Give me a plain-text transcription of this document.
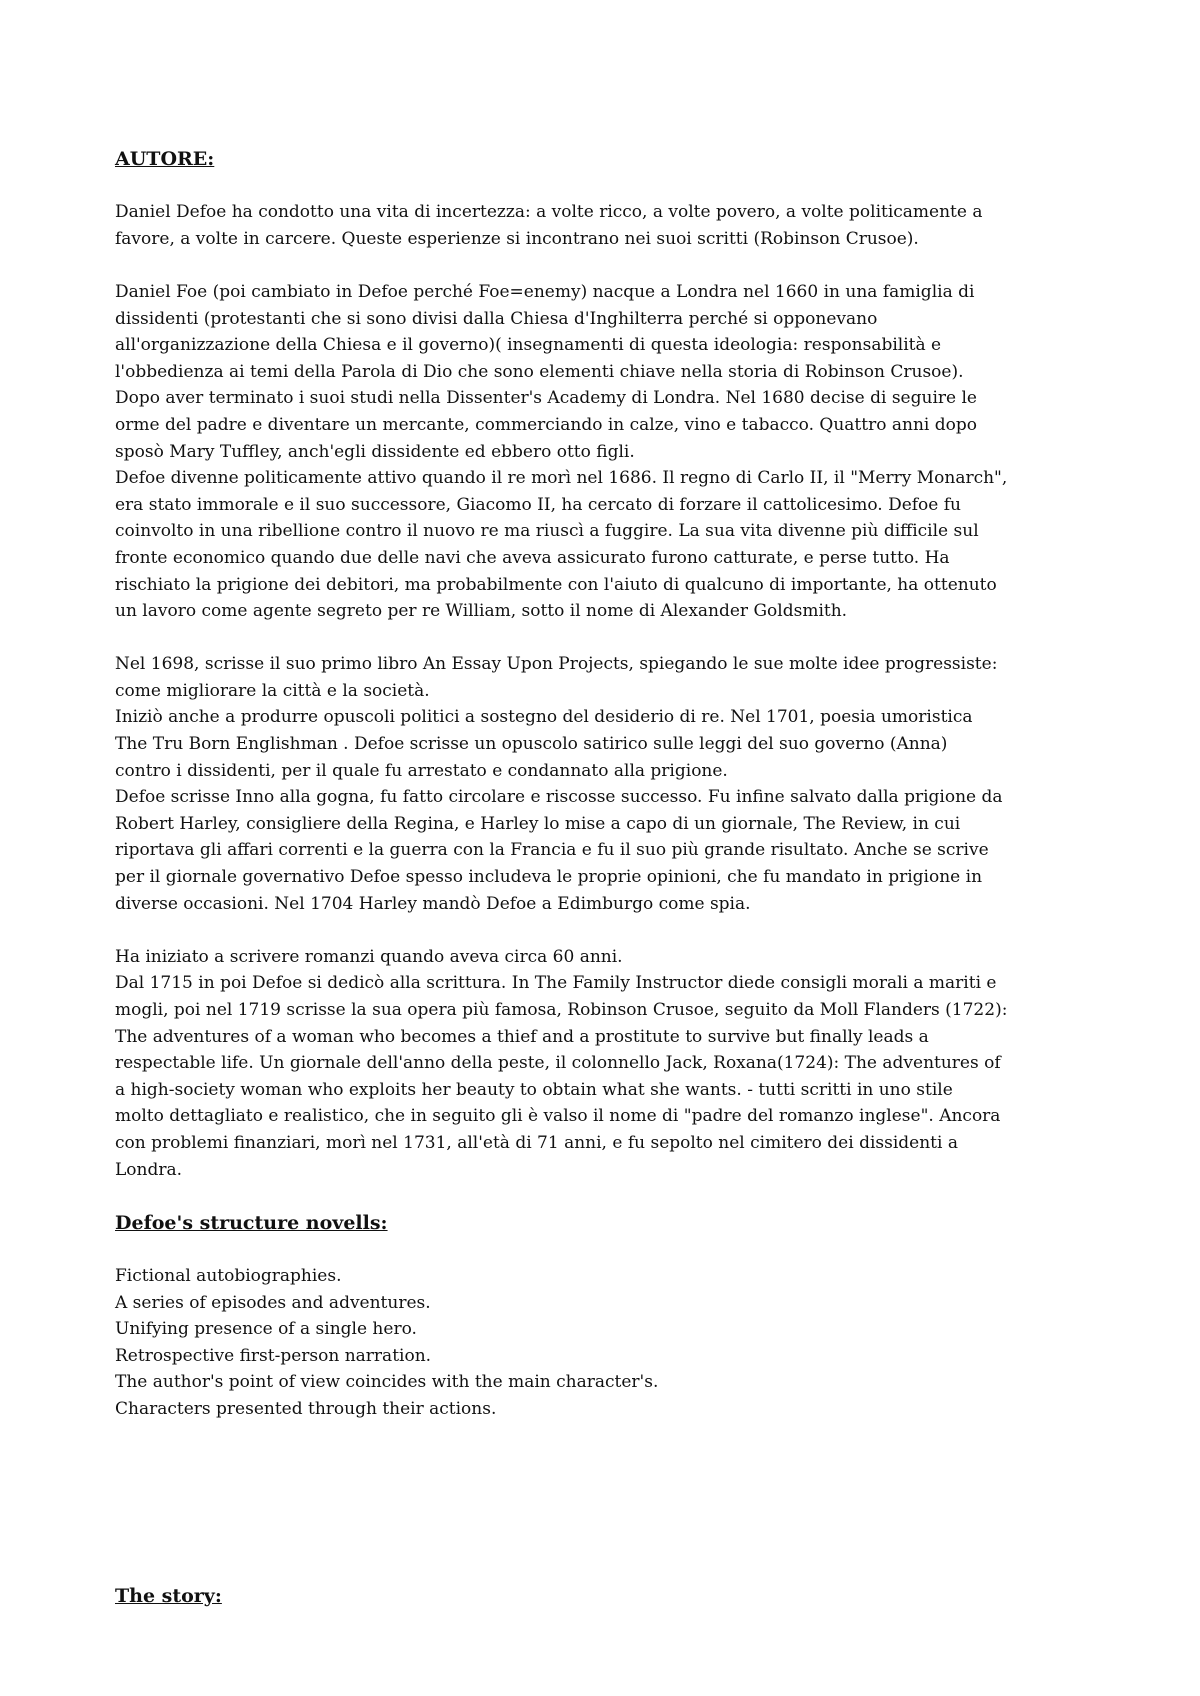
AUTORE:

Daniel Defoe ha condotto una vita di incertezza: a volte ricco, a volte povero, a volte politicamente a
favore, a volte in carcere. Queste esperienze si incontrano nei suoi scritti (Robinson Crusoe).

Daniel Foe (poi cambiato in Defoe perché Foe=enemy) nacque a Londra nel 1660 in una famiglia di
dissidenti (protestanti che si sono divisi dalla Chiesa d'Inghilterra perché si opponevano
all'organizzazione della Chiesa e il governo)( insegnamenti di questa ideologia: responsabilità e
l'obbedienza ai temi della Parola di Dio che sono elementi chiave nella storia di Robinson Crusoe).
Dopo aver terminato i suoi studi nella Dissenter's Academy di Londra. Nel 1680 decise di seguire le
orme del padre e diventare un mercante, commerciando in calze, vino e tabacco. Quattro anni dopo
sposò Mary Tuffley, anch'egli dissidente ed ebbero otto figli.
Defoe divenne politicamente attivo quando il re morì nel 1686. Il regno di Carlo II, il "Merry Monarch",
era stato immorale e il suo successore, Giacomo II, ha cercato di forzare il cattolicesimo. Defoe fu
coinvolto in una ribellione contro il nuovo re ma riuscì a fuggire. La sua vita divenne più difficile sul
fronte economico quando due delle navi che aveva assicurato furono catturate, e perse tutto. Ha
rischiato la prigione dei debitori, ma probabilmente con l'aiuto di qualcuno di importante, ha ottenuto
un lavoro come agente segreto per re William, sotto il nome di Alexander Goldsmith.

Nel 1698, scrisse il suo primo libro An Essay Upon Projects, spiegando le sue molte idee progressiste:
come migliorare la città e la società.
Iniziò anche a produrre opuscoli politici a sostegno del desiderio di re. Nel 1701, poesia umoristica
The Tru Born Englishman . Defoe scrisse un opuscolo satirico sulle leggi del suo governo (Anna)
contro i dissidenti, per il quale fu arrestato e condannato alla prigione.
Defoe scrisse Inno alla gogna, fu fatto circolare e riscosse successo. Fu infine salvato dalla prigione da
Robert Harley, consigliere della Regina, e Harley lo mise a capo di un giornale, The Review, in cui
riportava gli affari correnti e la guerra con la Francia e fu il suo più grande risultato. Anche se scrive
per il giornale governativo Defoe spesso includeva le proprie opinioni, che fu mandato in prigione in
diverse occasioni. Nel 1704 Harley mandò Defoe a Edimburgo come spia.

Ha iniziato a scrivere romanzi quando aveva circa 60 anni.
Dal 1715 in poi Defoe si dedicò alla scrittura. In The Family Instructor diede consigli morali a mariti e
mogli, poi nel 1719 scrisse la sua opera più famosa, Robinson Crusoe, seguito da Moll Flanders (1722):
The adventures of a woman who becomes a thief and a prostitute to survive but finally leads a
respectable life. Un giornale dell'anno della peste, il colonnello Jack, Roxana(1724): The adventures of
a high-society woman who exploits her beauty to obtain what she wants. - tutti scritti in uno stile
molto dettagliato e realistico, che in seguito gli è valso il nome di "padre del romanzo inglese". Ancora
con problemi finanziari, morì nel 1731, all'età di 71 anni, e fu sepolto nel cimitero dei dissidenti a
Londra.

Defoe's structure novells:

Fictional autobiographies.
A series of episodes and adventures.
Unifying presence of a single hero.
Retrospective first-person narration.
The author's point of view coincides with the main character's.
Characters presented through their actions.

The story:
